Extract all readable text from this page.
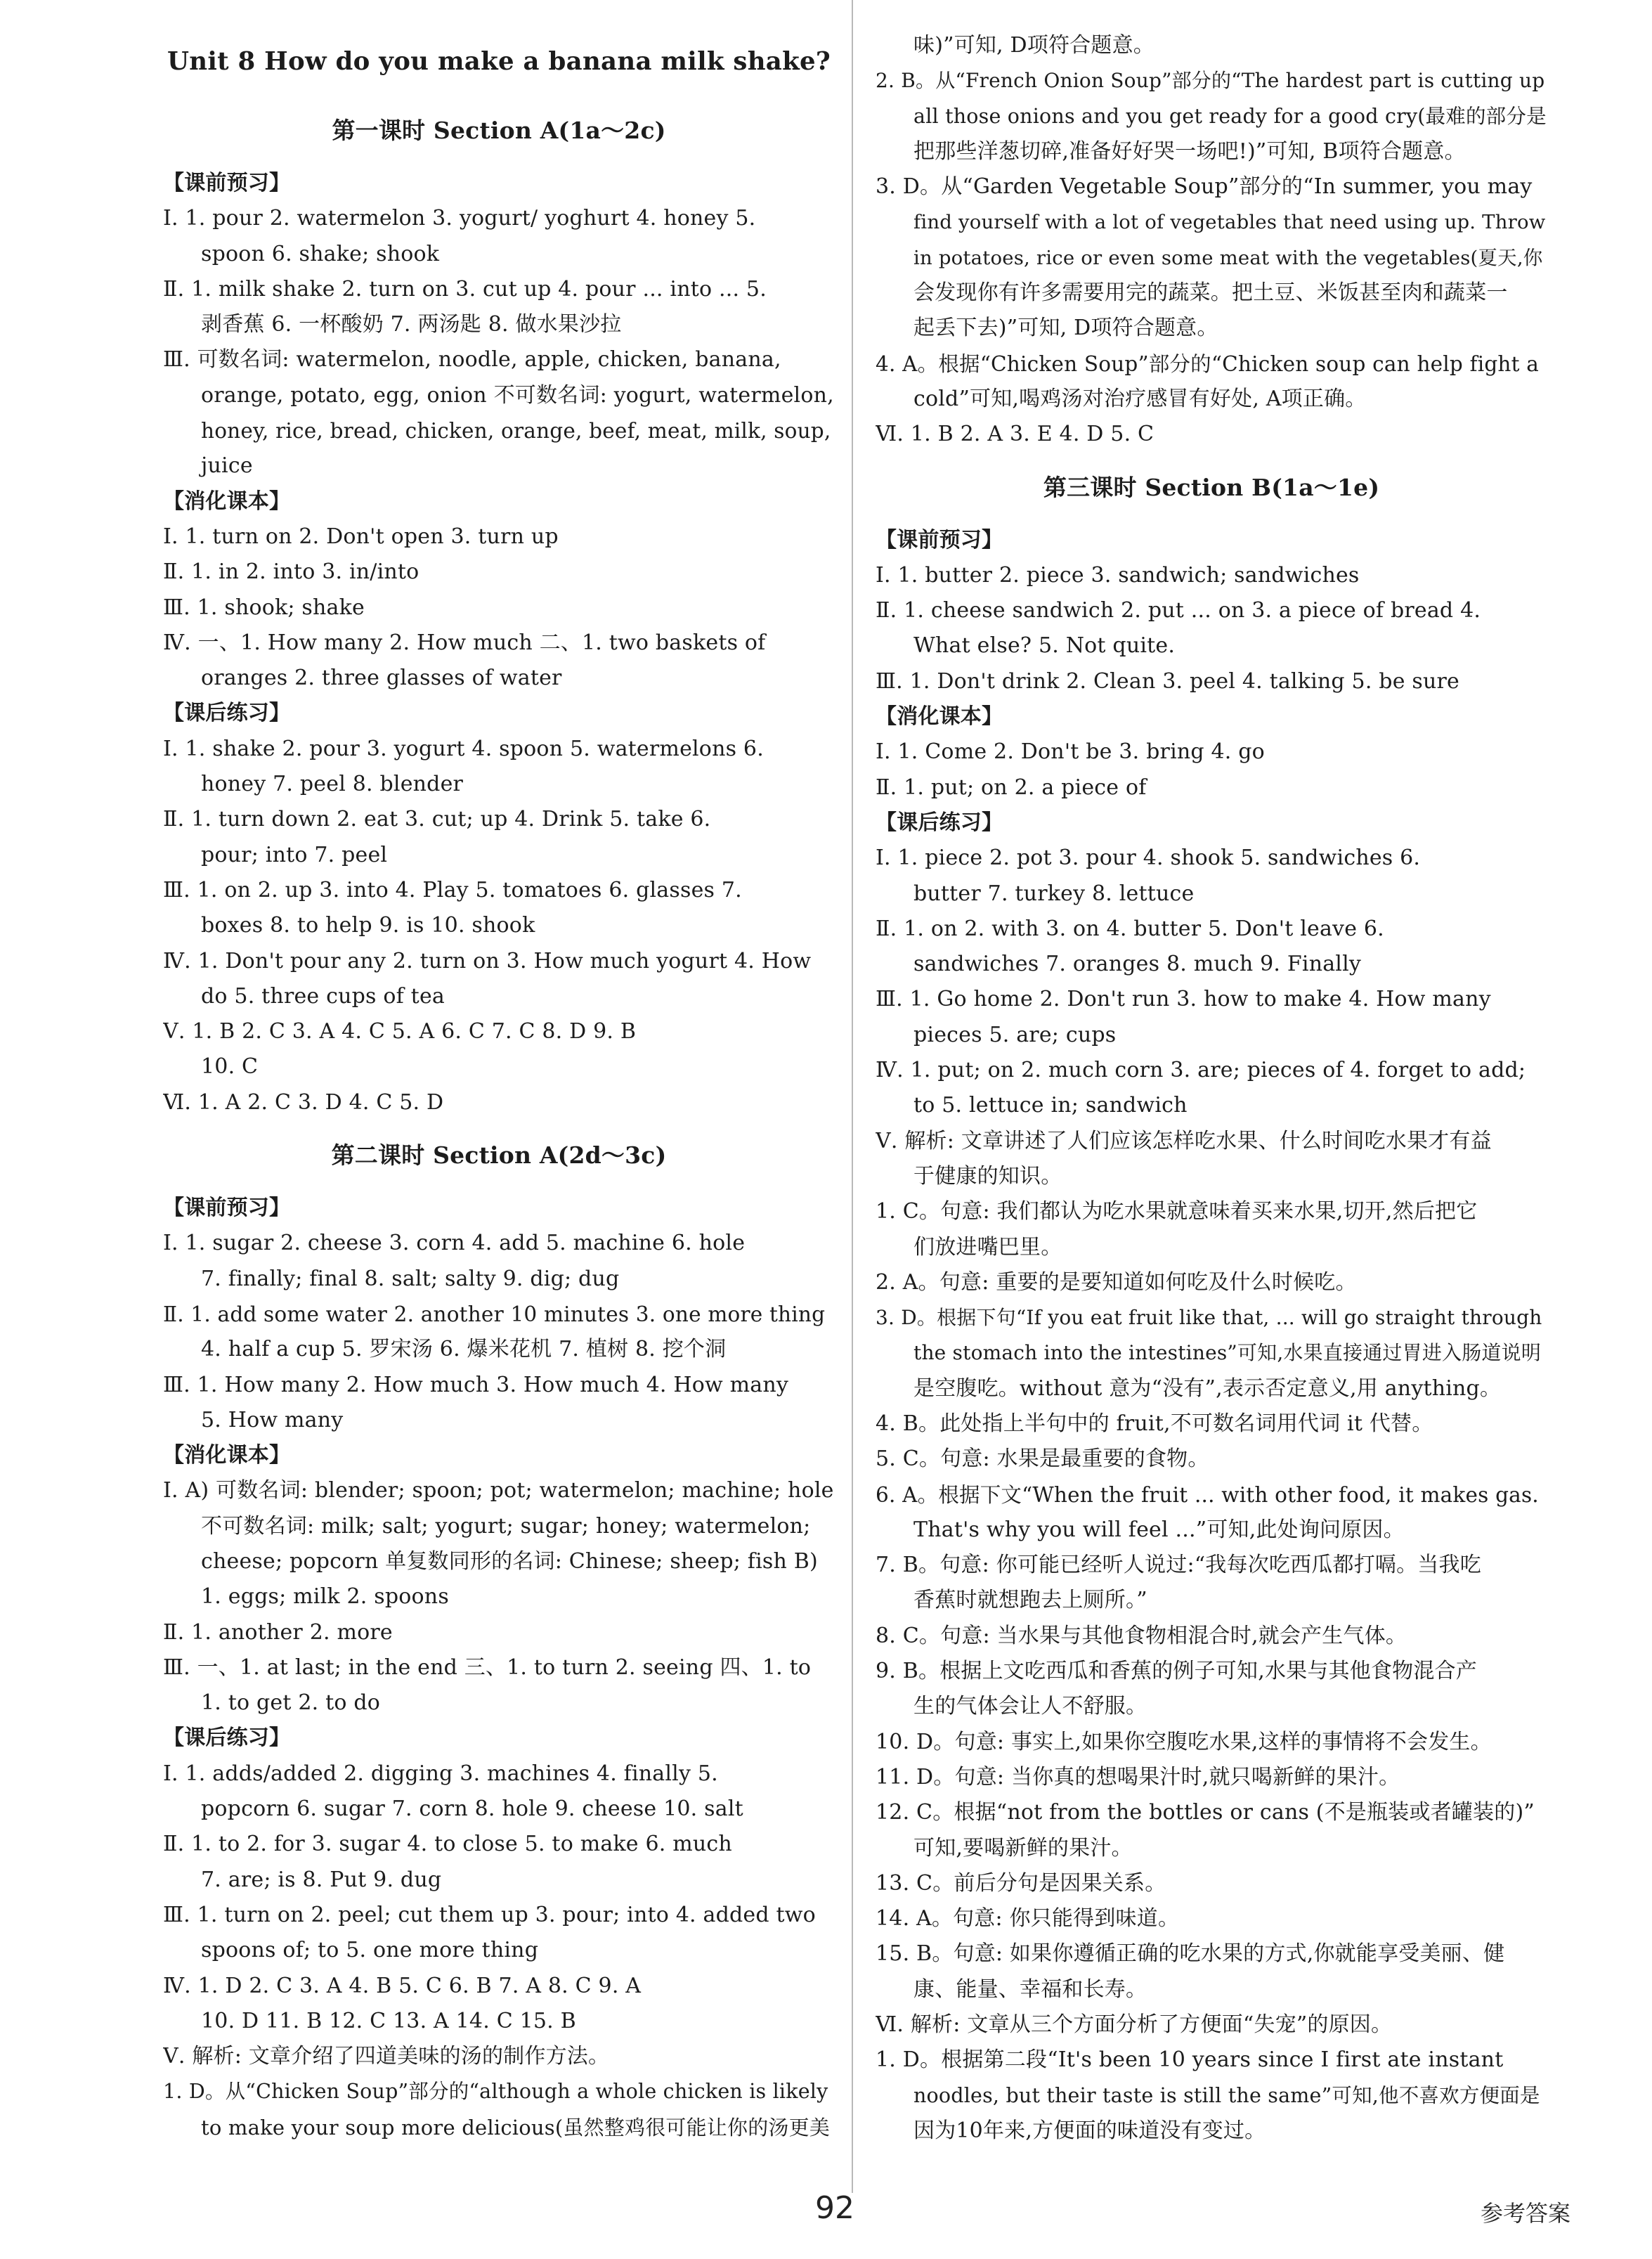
Unit 8 How do you make a banana milk shake?
第一课时 Section A(1a～2c)
【课前预习】
Ⅰ. 1. pour 2. watermelon 3. yogurt/ yoghurt 4. honey 5.
spoon 6. shake; shook
Ⅱ. 1. milk shake 2. turn on 3. cut up 4. pour ... into ... 5.
剥香蕉 6. 一杯酸奶 7. 两汤匙 8. 做水果沙拉
Ⅲ. 可数名词: watermelon, noodle, apple, chicken, banana,
orange, potato, egg, onion 不可数名词: yogurt, watermelon,
honey, rice, bread, chicken, orange, beef, meat, milk, soup,
juice
【消化课本】
Ⅰ. 1. turn on 2. Don't open 3. turn up
Ⅱ. 1. in 2. into 3. in/into
Ⅲ. 1. shook; shake
Ⅳ. 一、1. How many 2. How much 二、1. two baskets of
oranges 2. three glasses of water
【课后练习】
Ⅰ. 1. shake 2. pour 3. yogurt 4. spoon 5. watermelons 6.
honey 7. peel 8. blender
Ⅱ. 1. turn down 2. eat 3. cut; up 4. Drink 5. take 6.
pour; into 7. peel
Ⅲ. 1. on 2. up 3. into 4. Play 5. tomatoes 6. glasses 7.
boxes 8. to help 9. is 10. shook
Ⅳ. 1. Don't pour any 2. turn on 3. How much yogurt 4. How
do 5. three cups of tea
Ⅴ. 1. B 2. C 3. A 4. C 5. A 6. C 7. C 8. D 9. B
10. C
Ⅵ. 1. A 2. C 3. D 4. C 5. D
第二课时 Section A(2d～3c)
【课前预习】
Ⅰ. 1. sugar 2. cheese 3. corn 4. add 5. machine 6. hole
7. finally; final 8. salt; salty 9. dig; dug
Ⅱ. 1. add some water 2. another 10 minutes 3. one more thing
4. half a cup 5. 罗宋汤 6. 爆米花机 7. 植树 8. 挖个洞
Ⅲ. 1. How many 2. How much 3. How much 4. How many
5. How many
【消化课本】
Ⅰ. A) 可数名词: blender; spoon; pot; watermelon; machine; hole
不可数名词: milk; salt; yogurt; sugar; honey; watermelon;
cheese; popcorn 单复数同形的名词: Chinese; sheep; fish B)
1. eggs; milk 2. spoons
Ⅱ. 1. another 2. more
Ⅲ. 一、1. at last; in the end 三、1. to turn 2. seeing 四、1. to
1. to get 2. to do
【课后练习】
Ⅰ. 1. adds/added 2. digging 3. machines 4. finally 5.
popcorn 6. sugar 7. corn 8. hole 9. cheese 10. salt
Ⅱ. 1. to 2. for 3. sugar 4. to close 5. to make 6. much
7. are; is 8. Put 9. dug
Ⅲ. 1. turn on 2. peel; cut them up 3. pour; into 4. added two
spoons of; to 5. one more thing
Ⅳ. 1. D 2. C 3. A 4. B 5. C 6. B 7. A 8. C 9. A
10. D 11. B 12. C 13. A 14. C 15. B
Ⅴ. 解析: 文章介绍了四道美味的汤的制作方法。
1. D。从“Chicken Soup”部分的“although a whole chicken is likely
to make your soup more delicious(虽然整鸡很可能让你的汤更美
味)”可知, D项符合题意。
2. B。从“French Onion Soup”部分的“The hardest part is cutting up
all those onions and you get ready for a good cry(最难的部分是
把那些洋葱切碎,准备好好哭一场吧!)”可知, B项符合题意。
3. D。从“Garden Vegetable Soup”部分的“In summer, you may
find yourself with a lot of vegetables that need using up. Throw
in potatoes, rice or even some meat with the vegetables(夏天,你
会发现你有许多需要用完的蔬菜。把土豆、米饭甚至肉和蔬菜一
起丢下去)”可知, D项符合题意。
4. A。根据“Chicken Soup”部分的“Chicken soup can help fight a
cold”可知,喝鸡汤对治疗感冒有好处, A项正确。
Ⅵ. 1. B 2. A 3. E 4. D 5. C
第三课时 Section B(1a～1e)
【课前预习】
Ⅰ. 1. butter 2. piece 3. sandwich; sandwiches
Ⅱ. 1. cheese sandwich 2. put ... on 3. a piece of bread 4.
What else? 5. Not quite.
Ⅲ. 1. Don't drink 2. Clean 3. peel 4. talking 5. be sure
【消化课本】
Ⅰ. 1. Come 2. Don't be 3. bring 4. go
Ⅱ. 1. put; on 2. a piece of
【课后练习】
Ⅰ. 1. piece 2. pot 3. pour 4. shook 5. sandwiches 6.
butter 7. turkey 8. lettuce
Ⅱ. 1. on 2. with 3. on 4. butter 5. Don't leave 6.
sandwiches 7. oranges 8. much 9. Finally
Ⅲ. 1. Go home 2. Don't run 3. how to make 4. How many
pieces 5. are; cups
Ⅳ. 1. put; on 2. much corn 3. are; pieces of 4. forget to add;
to 5. lettuce in; sandwich
Ⅴ. 解析: 文章讲述了人们应该怎样吃水果、什么时间吃水果才有益
于健康的知识。
1. C。句意: 我们都认为吃水果就意味着买来水果,切开,然后把它
们放进嘴巴里。
2. A。句意: 重要的是要知道如何吃及什么时候吃。
3. D。根据下句“If you eat fruit like that, ... will go straight through
the stomach into the intestines”可知,水果直接通过胃进入肠道说明
是空腹吃。without 意为“没有”,表示否定意义,用 anything。
4. B。此处指上半句中的 fruit,不可数名词用代词 it 代替。
5. C。句意: 水果是最重要的食物。
6. A。根据下文“When the fruit ... with other food, it makes gas.
That's why you will feel ...”可知,此处询问原因。
7. B。句意: 你可能已经听人说过:“我每次吃西瓜都打嗝。当我吃
香蕉时就想跑去上厕所。”
8. C。句意: 当水果与其他食物相混合时,就会产生气体。
9. B。根据上文吃西瓜和香蕉的例子可知,水果与其他食物混合产
生的气体会让人不舒服。
10. D。句意: 事实上,如果你空腹吃水果,这样的事情将不会发生。
11. D。句意: 当你真的想喝果汁时,就只喝新鲜的果汁。
12. C。根据“not from the bottles or cans (不是瓶装或者罐装的)”
可知,要喝新鲜的果汁。
13. C。前后分句是因果关系。
14. A。句意: 你只能得到味道。
15. B。句意: 如果你遵循正确的吃水果的方式,你就能享受美丽、健
康、能量、幸福和长寿。
Ⅵ. 解析: 文章从三个方面分析了方便面“失宠”的原因。
1. D。根据第二段“It's been 10 years since I first ate instant
noodles, but their taste is still the same”可知,他不喜欢方便面是
因为10年来,方便面的味道没有变过。
92	参考答案
